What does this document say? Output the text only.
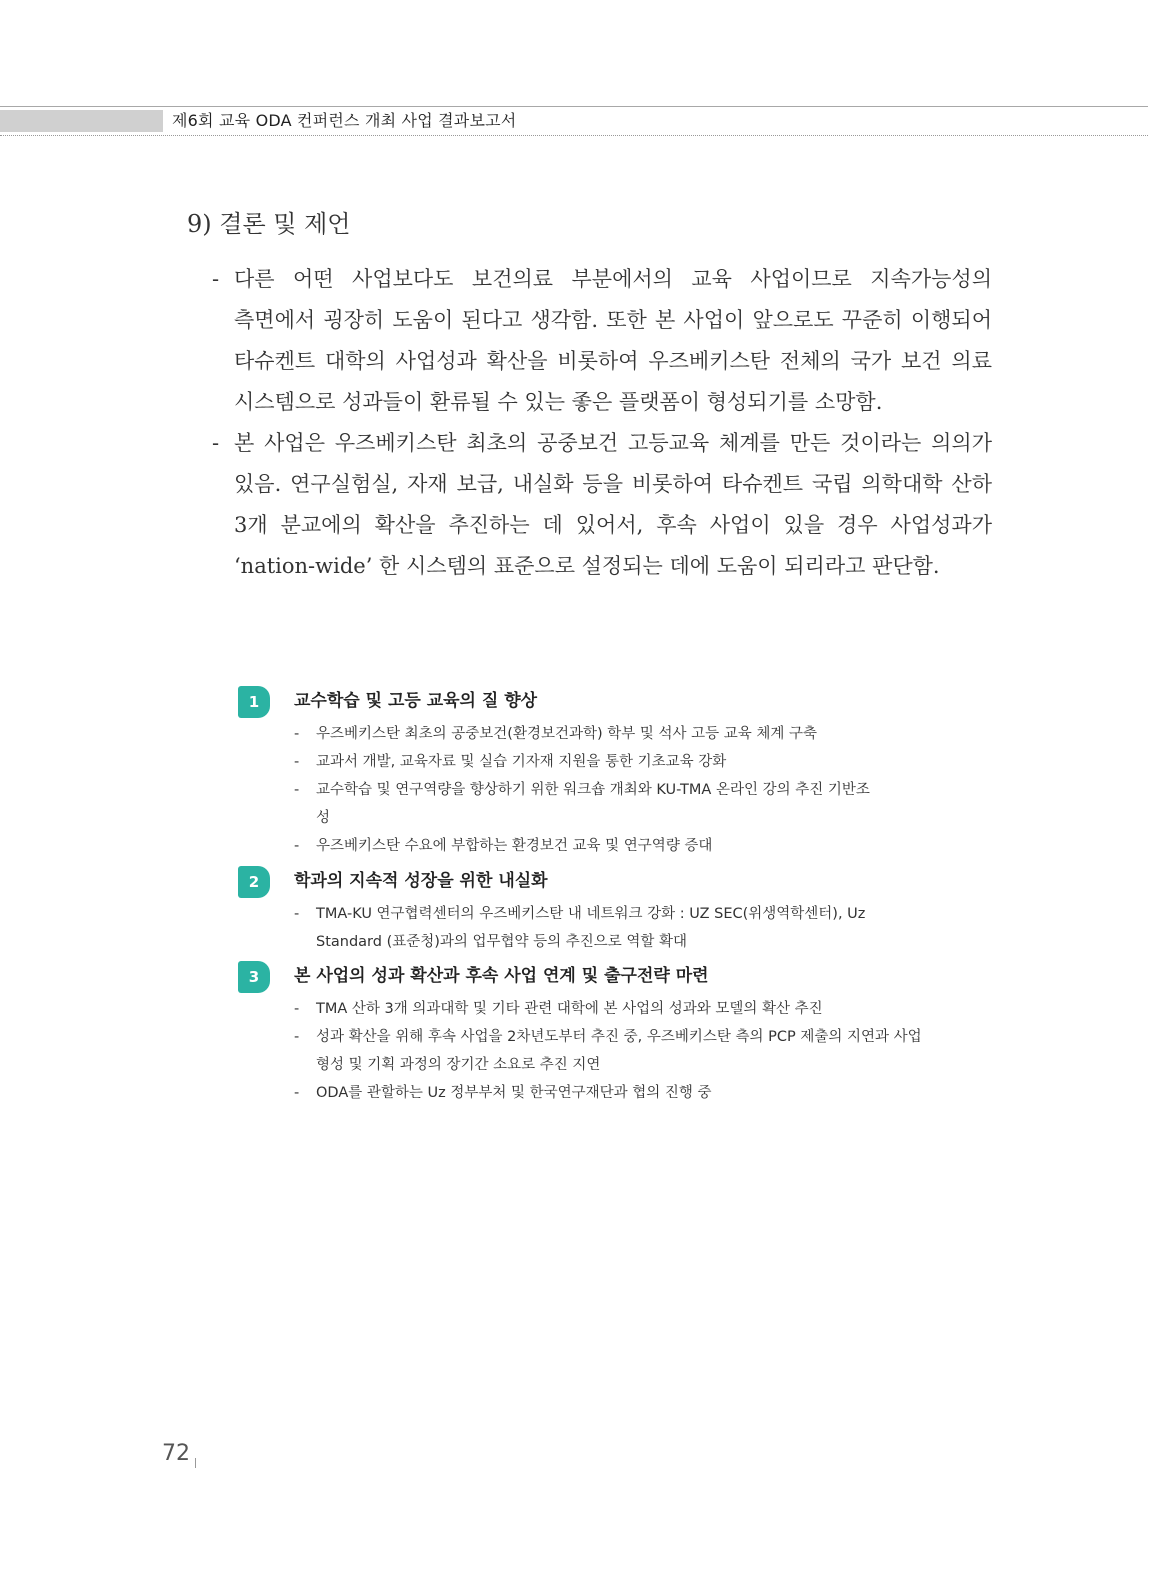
제6회 교육 ODA 컨퍼런스 개최 사업 결과보고서
9) 결론 및 제언
- 다른 어떤 사업보다도 보건의료 부분에서의 교육 사업이므로 지속가능성의 측면에서 굉장히 도움이 된다고 생각함. 또한 본 사업이 앞으로도 꾸준히 이행되어 타슈켄트 대학의 사업성과 확산을 비롯하여 우즈베키스탄 전체의 국가 보건 의료 시스템으로 성과들이 환류될 수 있는 좋은 플랫폼이 형성되기를 소망함.
- 본 사업은 우즈베키스탄 최초의 공중보건 고등교육 체계를 만든 것이라는 의의가 있음. 연구실험실, 자재 보급, 내실화 등을 비롯하여 타슈켄트 국립 의학대학 산하 3개 분교에의 확산을 추진하는 데 있어서, 후속 사업이 있을 경우 사업성과가 ‘nation-wide’ 한 시스템의 표준으로 설정되는 데에 도움이 되리라고 판단함.
1	교수학습 및 고등 교육의 질 향상
- 우즈베키스탄 최초의 공중보건(환경보건과학) 학부 및 석사 고등 교육 체계 구축
- 교과서 개발, 교육자료 및 실습 기자재 지원을 통한 기초교육 강화
- 교수학습 및 연구역량을 향상하기 위한 워크숍 개최와 KU-TMA 온라인 강의 추진 기반조성
- 우즈베키스탄 수요에 부합하는 환경보건 교육 및 연구역량 증대
2	학과의 지속적 성장을 위한 내실화
- TMA-KU 연구협력센터의 우즈베키스탄 내 네트워크 강화 : UZ SEC(위생역학센터), Uz Standard (표준청)과의 업무협약 등의 추진으로 역할 확대
3	본 사업의 성과 확산과 후속 사업 연계 및 출구전략 마련
- TMA 산하 3개 의과대학 및 기타 관련 대학에 본 사업의 성과와 모델의 확산 추진
- 성과 확산을 위해 후속 사업을 2차년도부터 추진 중, 우즈베키스탄 측의 PCP 제출의 지연과 사업 형성 및 기획 과정의 장기간 소요로 추진 지연
- ODA를 관할하는 Uz 정부부처 및 한국연구재단과 협의 진행 중
72
